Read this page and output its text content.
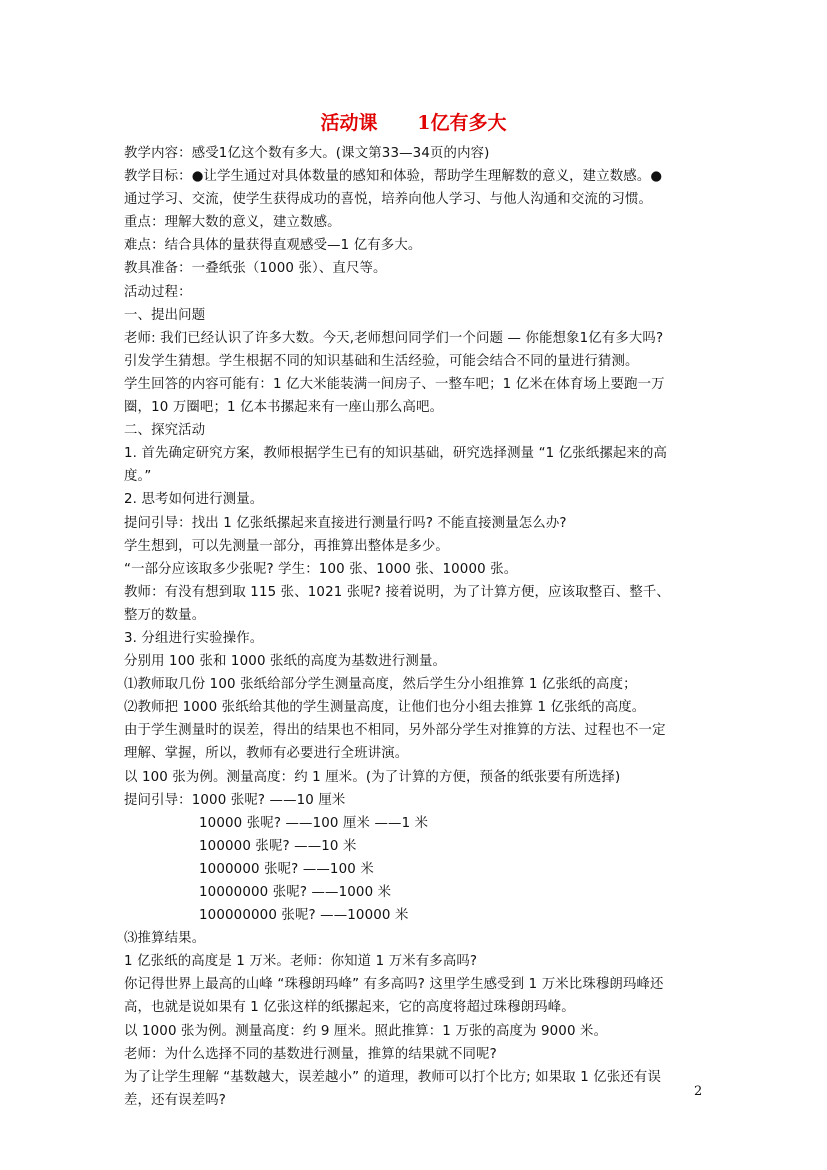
活动课      1亿有多大
教学内容：感受1亿这个数有多大。(课文第33—34页的内容)
教学目标：●让学生通过对具体数量的感知和体验，帮助学生理解数的意义，建立数感。●
通过学习、交流，使学生获得成功的喜悦，培养向他人学习、与他人沟通和交流的习惯。
重点：理解大数的意义，建立数感。
难点：结合具体的量获得直观感受—1 亿有多大。
教具准备：一叠纸张（1000 张）、直尺等。
活动过程：
一、提出问题
老师: 我们已经认识了许多大数。今天,老师想问同学们一个问题 — 你能想象1亿有多大吗?
引发学生猜想。学生根据不同的知识基础和生活经验，可能会结合不同的量进行猜测。
学生回答的内容可能有：1 亿大米能装满一间房子、一整车吧；1 亿米在体育场上要跑一万
圈，10 万圈吧；1 亿本书摞起来有一座山那么高吧。
二、探究活动
1. 首先确定研究方案，教师根据学生已有的知识基础，研究选择测量 “1 亿张纸摞起来的高
度。”
2. 思考如何进行测量。
提问引导：找出 1 亿张纸摞起来直接进行测量行吗? 不能直接测量怎么办?
学生想到，可以先测量一部分，再推算出整体是多少。
“一部分应该取多少张呢? 学生：100 张、1000 张、10000 张。
教师：有没有想到取 115 张、1021 张呢? 接着说明，为了计算方便，应该取整百、整千、
整万的数量。
3. 分组进行实验操作。
分别用 100 张和 1000 张纸的高度为基数进行测量。
⑴教师取几份 100 张纸给部分学生测量高度，然后学生分小组推算 1 亿张纸的高度；
⑵教师把 1000 张纸给其他的学生测量高度，让他们也分小组去推算 1 亿张纸的高度。
由于学生测量时的误差，得出的结果也不相同，另外部分学生对推算的方法、过程也不一定
理解、掌握，所以，教师有必要进行全班讲演。
以 100 张为例。测量高度：约 1 厘米。(为了计算的方便，预备的纸张要有所选择)
提问引导：1000 张呢? ——10 厘米
10000 张呢? ——100 厘米 ——1 米
100000 张呢? ——10 米
1000000 张呢? ——100 米
10000000 张呢? ——1000 米
100000000 张呢? ——10000 米
⑶推算结果。
1 亿张纸的高度是 1 万米。老师：你知道 1 万米有多高吗?
你记得世界上最高的山峰 “珠穆朗玛峰” 有多高吗? 这里学生感受到 1 万米比珠穆朗玛峰还
高，也就是说如果有 1 亿张这样的纸摞起来，它的高度将超过珠穆朗玛峰。
以 1000 张为例。测量高度：约 9 厘米。照此推算：1 万张的高度为 9000 米。
老师：为什么选择不同的基数进行测量，推算的结果就不同呢?
为了让学生理解 “基数越大，误差越小” 的道理，教师可以打个比方; 如果取 1 亿张还有误
差，还有误差吗?
2
